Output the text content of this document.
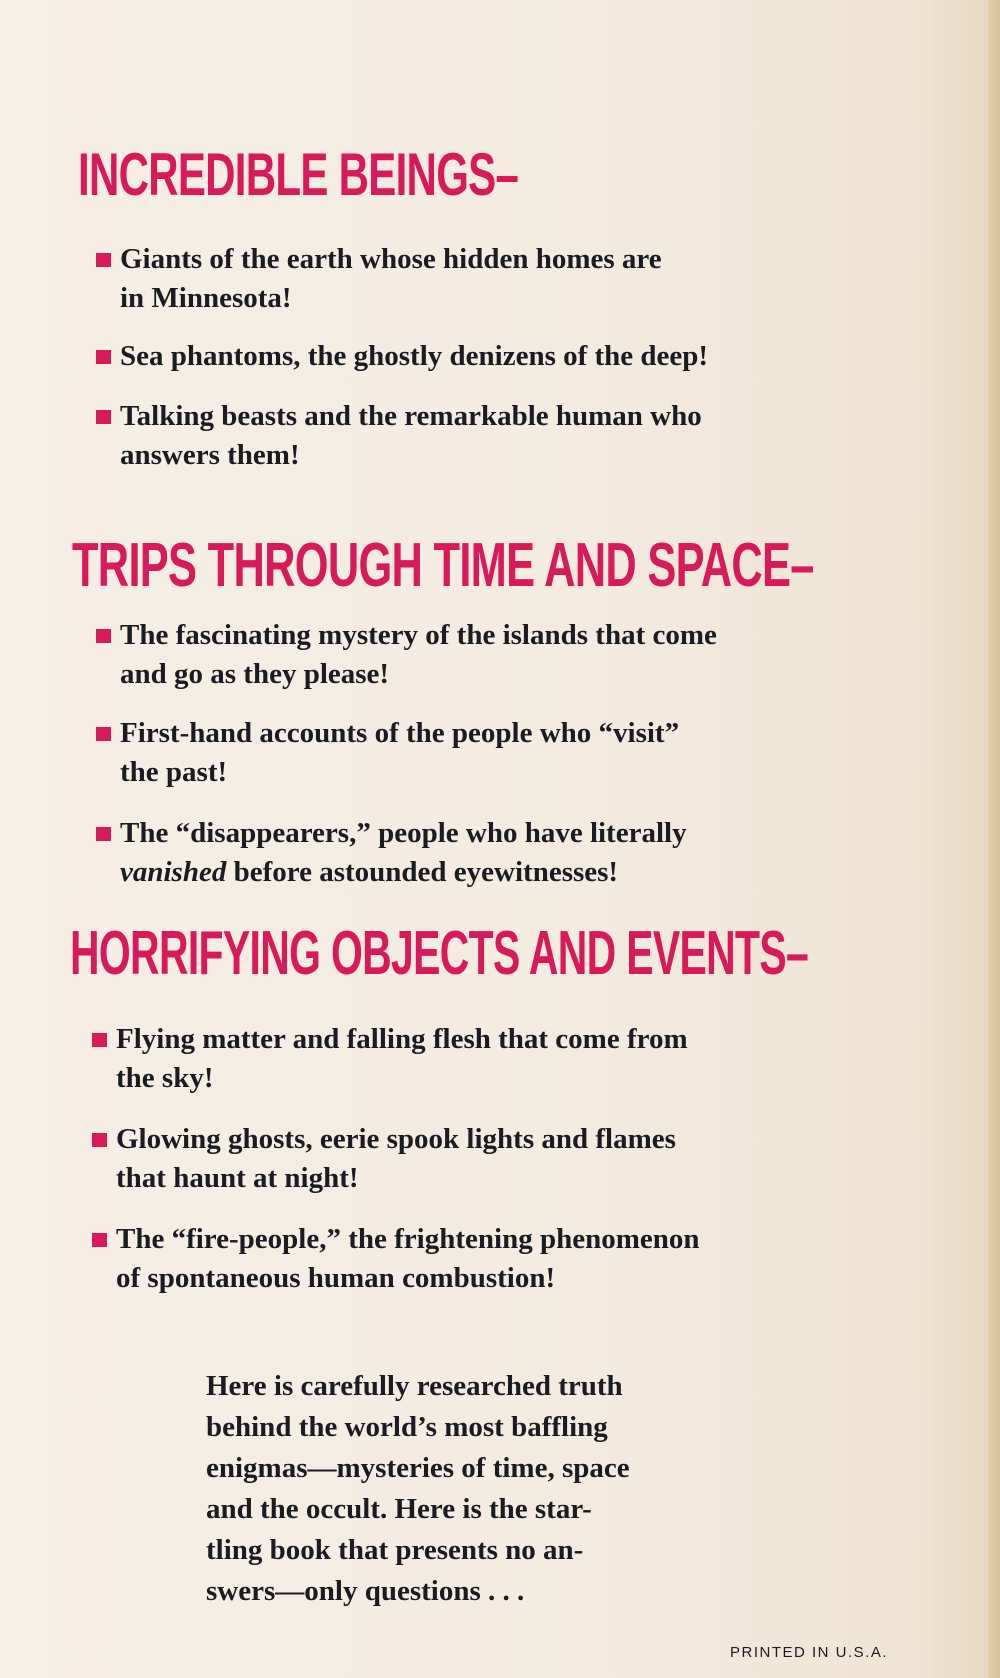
INCREDIBLE BEINGS–
Giants of the earth whose hidden homes are
in Minnesota!
Sea phantoms, the ghostly denizens of the deep!
Talking beasts and the remarkable human who
answers them!
TRIPS THROUGH TIME AND SPACE–
The fascinating mystery of the islands that come
and go as they please!
First-hand accounts of the people who “visit”
the past!
The “disappearers,” people who have literally
vanished before astounded eyewitnesses!
HORRIFYING OBJECTS AND EVENTS–
Flying matter and falling flesh that come from
the sky!
Glowing ghosts, eerie spook lights and flames
that haunt at night!
The “fire-people,” the frightening phenomenon
of spontaneous human combustion!
Here is carefully researched truth
behind the world’s most baffling
enigmas—mysteries of time, space
and the occult. Here is the star-
tling book that presents no an-
swers—only questions . . .

PRINTED IN U.S.A.
